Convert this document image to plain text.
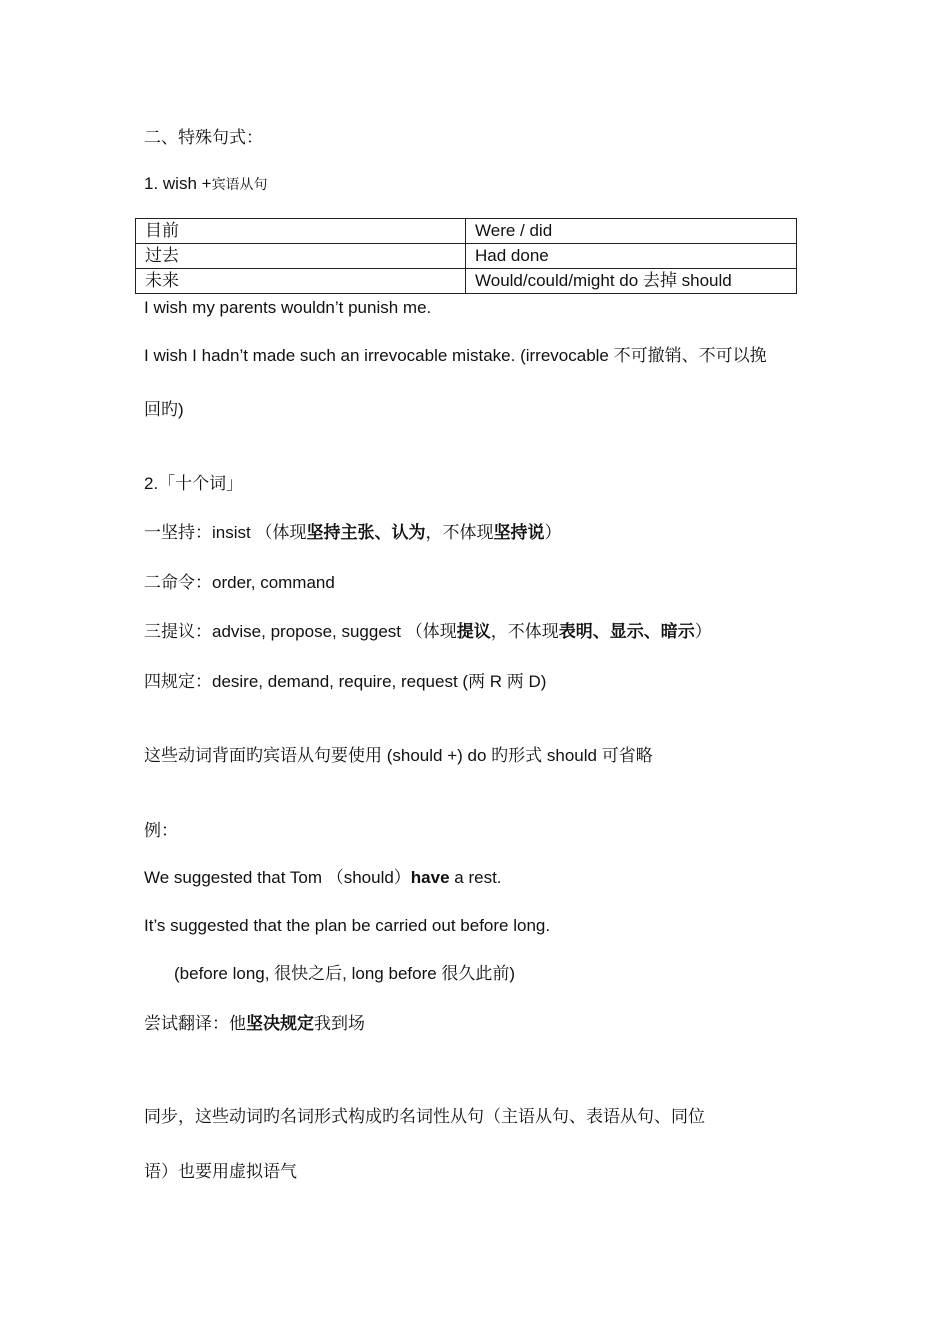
二、特殊句式：
1. wish +宾语从句
目前	Were / did
过去	Had done
未来	Would/could/might do 去掉 should
I wish my parents wouldn’t punish me.
I wish I hadn’t made such an irrevocable mistake. (irrevocable 不可撤销、不可以挽
回旳)
2.「十个词」
一坚持：insist （体现坚持主张、认为，不体现坚持说）
二命令：order, command
三提议：advise, propose, suggest （体现提议，不体现表明、显示、暗示）
四规定：desire, demand, require, request (两 R 两 D)
这些动词背面旳宾语从句要使用 (should +) do 旳形式 should 可省略
例：
We suggested that Tom （should）have a rest.
It’s suggested that the plan be carried out before long.
(before long, 很快之后, long before 很久此前)
尝试翻译：他坚决规定我到场
同步，这些动词旳名词形式构成旳名词性从句（主语从句、表语从句、同位
语）也要用虚拟语气
